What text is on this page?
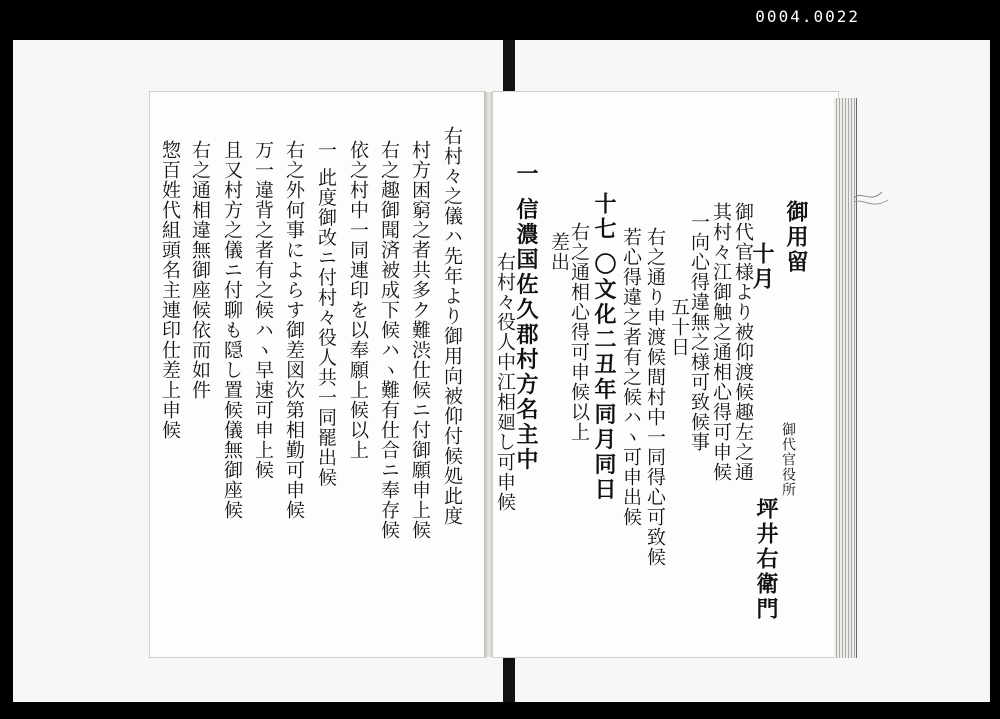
0004.0022
右村々之儀ハ先年より御用向被仰付候処此度
村方困窮之者共多ク難渋仕候ニ付御願申上候
右之趣御聞済被成下候ハヽ難有仕合ニ奉存候
依之村中一同連印を以奉願上候以上
一 此度御改ニ付村々役人共一同罷出候
右之外何事によらす御差図次第相勤可申候
万一違背之者有之候ハヽ早速可申上候
且又村方之儀ニ付聊も隠し置候儀無御座候
右之通相違無御座候依而如件
惣百姓代組頭名主連印仕差上申候	御用留
十月
御代官様より被仰渡候趣左之通
其村々江御触之通相心得可申候
一向心得違無之様可致候事
御代官役所
坪井右衛門
五十日
右之通り申渡候間村中一同得心可致候
若心得違之者有之候ハヽ可申出候
十七 〇文化二丑年同月同日
右之通相心得可申候以上
差出
一 信濃国佐久郡村方名主中
右村々役人中江相廻し可申候
